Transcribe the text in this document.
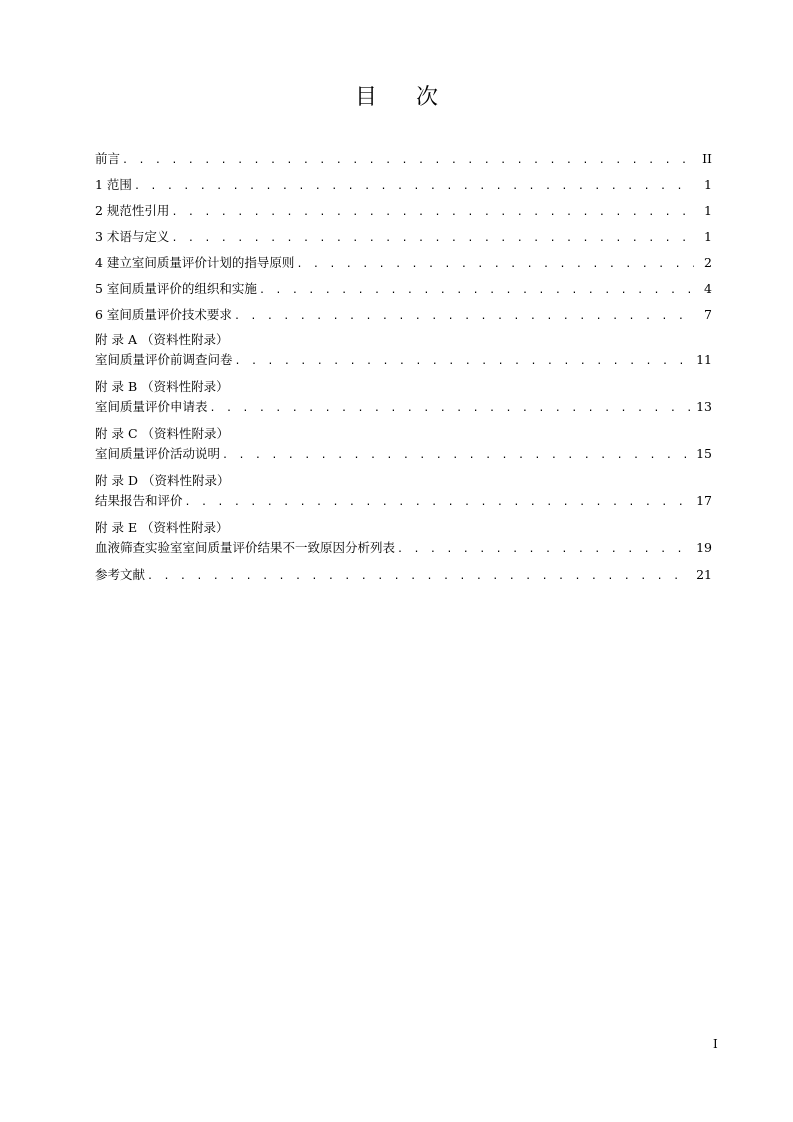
目 次
前言 . . .	II
1 范围 . . .	1
2 规范性引用 . . .	1
3 术语与定义 . . .	1
4 建立室间质量评价计划的指导原则 . . .	2
5 室间质量评价的组织和实施 . . .	4
6 室间质量评价技术要求 . . .	7
附 录 A （资料性附录）
室间质量评价前调查问卷 . . .	11
附 录 B （资料性附录）
室间质量评价申请表 . . .	13
附 录 C （资料性附录）
室间质量评价活动说明 . . .	15
附 录 D （资料性附录）
结果报告和评价 . . .	17
附 录 E （资料性附录）
血液筛查实验室室间质量评价结果不一致原因分析列表 . . .	19
参考文献 . . .	21
I
